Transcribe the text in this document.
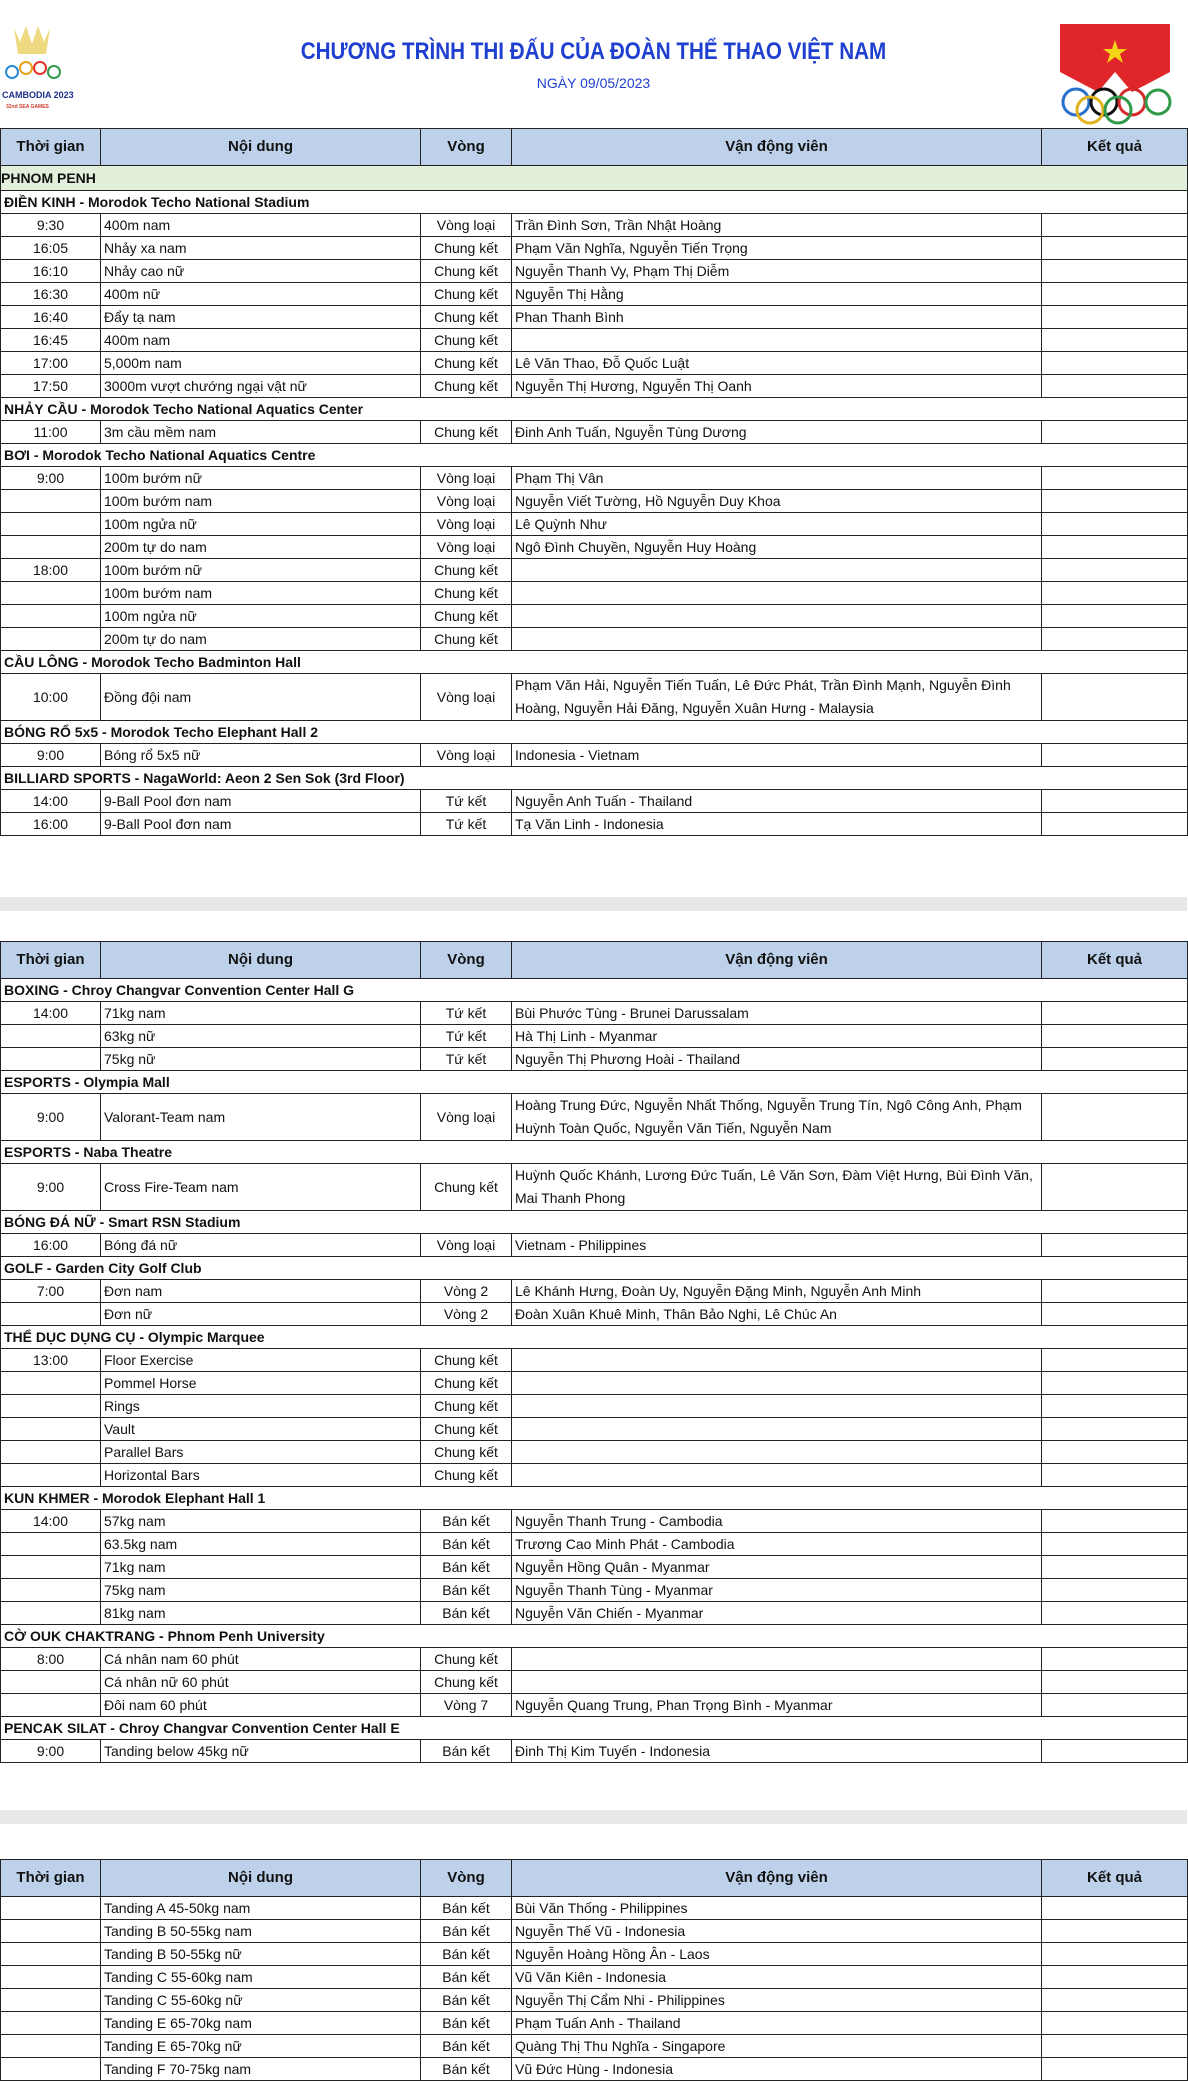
CAMBODIA 2023
32nd SEA GAMES
CHƯƠNG TRÌNH THI ĐẤU CỦA ĐOÀN THỂ THAO VIỆT NAM
NGÀY 09/05/2023
Thời gian	Nội dung	Vòng	Vận động viên	Kết quả
PHNOM PENH				
ĐIỀN KINH - Morodok Techo National Stadium				
9:30	400m nam	Vòng loại	Trần Đình Sơn, Trần Nhật Hoàng	
16:05	Nhảy xa nam	Chung kết	Phạm Văn Nghĩa, Nguyễn Tiến Trọng	
16:10	Nhảy cao nữ	Chung kết	Nguyễn Thanh Vy, Phạm Thị Diễm	
16:30	400m nữ	Chung kết	Nguyễn Thị Hằng	
16:40	Đẩy tạ nam	Chung kết	Phan Thanh Bình	
16:45	400m nam	Chung kết		
17:00	5,000m nam	Chung kết	Lê Văn Thao, Đỗ Quốc Luật	
17:50	3000m vượt chướng ngại vật nữ	Chung kết	Nguyễn Thị Hương, Nguyễn Thị Oanh	
NHẢY CẦU - Morodok Techo National Aquatics Center				
11:00	3m cầu mềm nam	Chung kết	Đinh Anh Tuấn, Nguyễn Tùng Dương	
BƠI - Morodok Techo National Aquatics Centre				
9:00	100m bướm nữ	Vòng loại	Phạm Thị Vân	
	100m bướm nam	Vòng loại	Nguyễn Viết Tường, Hồ Nguyễn Duy Khoa	
	100m ngửa nữ	Vòng loại	Lê Quỳnh Như	
	200m tự do nam	Vòng loại	Ngô Đình Chuyền, Nguyễn Huy Hoàng	
18:00	100m bướm nữ	Chung kết		
	100m bướm nam	Chung kết		
	100m ngửa nữ	Chung kết		
	200m tự do nam	Chung kết		
CẦU LÔNG - Morodok Techo Badminton Hall				
10:00	Đồng đội nam	Vòng loại	Phạm Văn Hải, Nguyễn Tiến Tuấn, Lê Đức Phát, Trần Đình Mạnh, Nguyễn Đình Hoàng, Nguyễn Hải Đăng, Nguyễn Xuân Hưng - Malaysia	
BÓNG RỔ 5x5 - Morodok Techo Elephant Hall 2				
9:00	Bóng rổ 5x5 nữ	Vòng loại	Indonesia - Vietnam	
BILLIARD SPORTS - NagaWorld: Aeon 2 Sen Sok (3rd Floor)				
14:00	9-Ball Pool đơn nam	Tứ kết	Nguyễn Anh Tuấn - Thailand	
16:00	9-Ball Pool đơn nam	Tứ kết	Tạ Văn Linh - Indonesia	
Thời gian	Nội dung	Vòng	Vận động viên	Kết quả
BOXING - Chroy Changvar Convention Center Hall G				
14:00	71kg nam	Tứ kết	Bùi Phước Tùng - Brunei Darussalam	
	63kg nữ	Tứ kết	Hà Thị Linh - Myanmar	
	75kg nữ	Tứ kết	Nguyễn Thị Phương Hoài - Thailand	
ESPORTS - Olympia Mall				
9:00	Valorant-Team nam	Vòng loại	Hoàng Trung Đức, Nguyễn Nhất Thống, Nguyễn Trung Tín, Ngô Công Anh, Phạm Huỳnh Toàn Quốc, Nguyễn Văn Tiến, Nguyễn Nam	
ESPORTS - Naba Theatre				
9:00	Cross Fire-Team nam	Chung kết	Huỳnh Quốc Khánh, Lương Đức Tuấn, Lê Văn Sơn, Đàm Việt Hưng, Bùi Đình Văn, Mai Thanh Phong	
BÓNG ĐÁ NỮ - Smart RSN Stadium				
16:00	Bóng đá nữ	Vòng loại	Vietnam - Philippines	
GOLF - Garden City Golf Club				
7:00	Đơn nam	Vòng 2	Lê Khánh Hưng, Đoàn Uy, Nguyễn Đặng Minh, Nguyễn Anh Minh	
	Đơn nữ	Vòng 2	Đoàn Xuân Khuê Minh, Thân Bảo Nghi, Lê Chúc An	
THỂ DỤC DỤNG CỤ - Olympic Marquee				
13:00	Floor Exercise	Chung kết		
	Pommel Horse	Chung kết		
	Rings	Chung kết		
	Vault	Chung kết		
	Parallel Bars	Chung kết		
	Horizontal Bars	Chung kết		
KUN KHMER - Morodok Elephant Hall 1				
14:00	57kg nam	Bán kết	Nguyễn Thanh Trung - Cambodia	
	63.5kg nam	Bán kết	Trương Cao Minh Phát - Cambodia	
	71kg nam	Bán kết	Nguyễn Hồng Quân - Myanmar	
	75kg nam	Bán kết	Nguyễn Thanh Tùng - Myanmar	
	81kg nam	Bán kết	Nguyễn Văn Chiến - Myanmar	
CỜ OUK CHAKTRANG - Phnom Penh University				
8:00	Cá nhân nam 60 phút	Chung kết		
	Cá nhân nữ 60 phút	Chung kết		
	Đôi nam 60 phút	Vòng 7	Nguyễn Quang Trung, Phan Trọng Bình - Myanmar	
PENCAK SILAT - Chroy Changvar Convention Center Hall E				
9:00	Tanding below 45kg nữ	Bán kết	Đinh Thị Kim Tuyến - Indonesia	
Thời gian	Nội dung	Vòng	Vận động viên	Kết quả
	Tanding A 45-50kg nam	Bán kết	Bùi Văn Thống - Philippines	
	Tanding B 50-55kg nam	Bán kết	Nguyễn Thế Vũ - Indonesia	
	Tanding B 50-55kg nữ	Bán kết	Nguyễn Hoàng Hồng Ân - Laos	
	Tanding C 55-60kg nam	Bán kết	Vũ Văn Kiên - Indonesia	
	Tanding C 55-60kg nữ	Bán kết	Nguyễn Thị Cẩm Nhi - Philippines	
	Tanding E 65-70kg nam	Bán kết	Phạm Tuấn Anh - Thailand	
	Tanding E 65-70kg nữ	Bán kết	Quàng Thị Thu Nghĩa - Singapore	
	Tanding F 70-75kg nam	Bán kết	Vũ Đức Hùng - Indonesia	
